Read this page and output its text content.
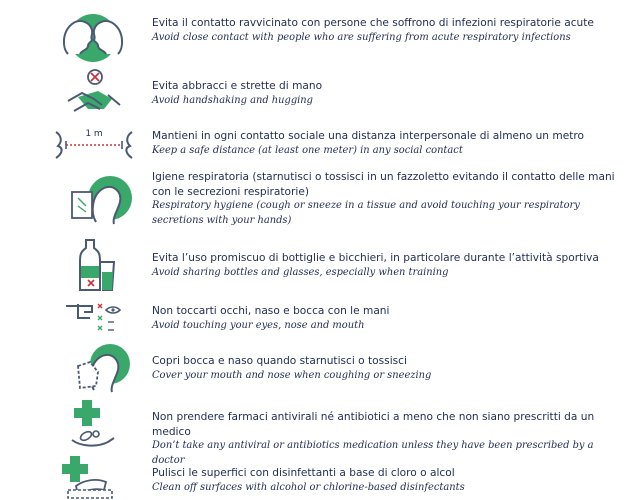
Evita il contatto ravvicinato con persone che soffrono di infezioni respiratorie acute
Avoid close contact with people who are suffering from acute respiratory infections
Evita abbracci e strette di mano
Avoid handshaking and hugging
1 m	Mantieni in ogni contatto sociale una distanza interpersonale di almeno un metro
Keep a safe distance (at least one meter) in any social contact
Igiene respiratoria (starnutisci o tossisci in un fazzoletto evitando il contatto delle mani con le secrezioni respiratorie)
Respiratory hygiene (cough or sneeze in a tissue and avoid touching your respiratory secretions with your hands)
Evita l’uso promiscuo di bottiglie e bicchieri, in particolare durante l’attività sportiva
Avoid sharing bottles and glasses, especially when training
Non toccarti occhi, naso e bocca con le mani
Avoid touching your eyes, nose and mouth
Copri bocca e naso quando starnutisci o tossisci
Cover your mouth and nose when coughing or sneezing
Non prendere farmaci antivirali né antibiotici a meno che non siano prescritti da un medico
Don’t take any antiviral or antibiotics medication unless they have been prescribed by a doctor
Pulisci le superfici con disinfettanti a base di cloro o alcol
Clean off surfaces with alcohol or chlorine-based disinfectants
